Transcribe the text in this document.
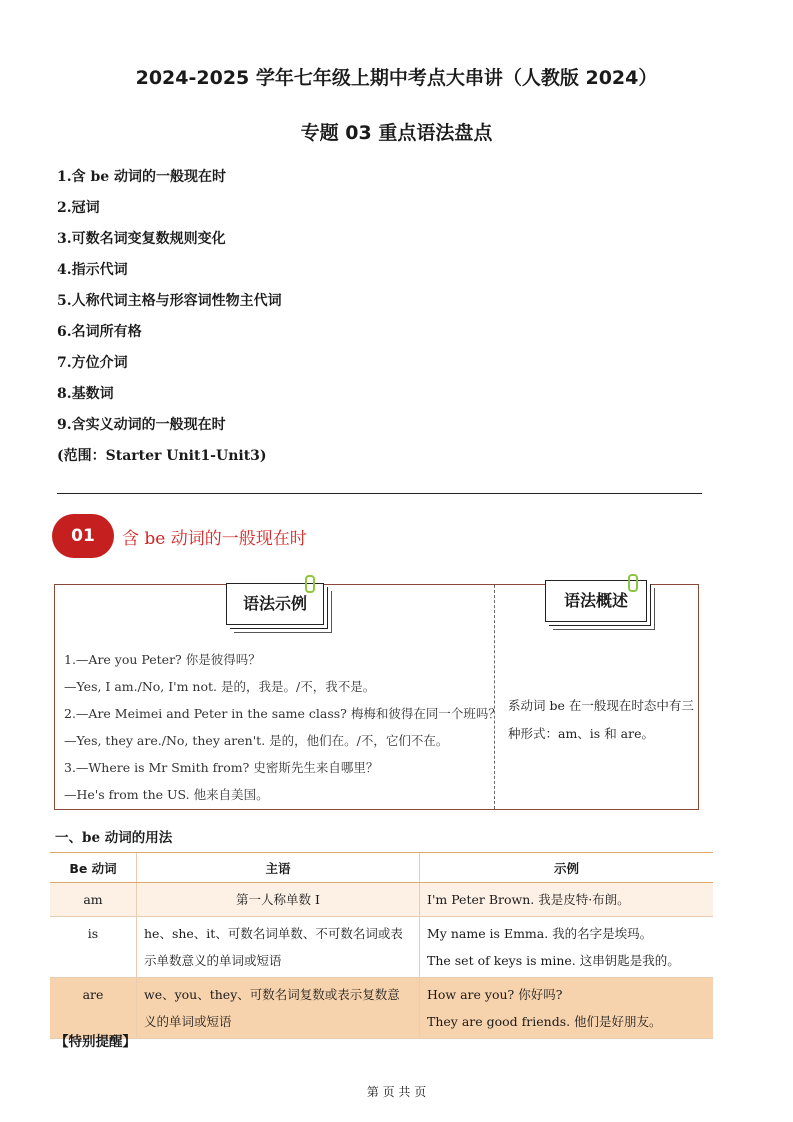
2024-2025 学年七年级上期中考点大串讲（人教版 2024）
专题 03 重点语法盘点
1.含 be 动词的一般现在时
2.冠词
3.可数名词变复数规则变化
4.指示代词
5.人称代词主格与形容词性物主代词
6.名词所有格
7.方位介词
8.基数词
9.含实义动词的一般现在时
(范围：Starter Unit1-Unit3)
01	含 be 动词的一般现在时
语法示例	语法概述
1.—Are you Peter? 你是彼得吗？
—Yes, I am./No, I'm not. 是的，我是。/不，我不是。
2.—Are Meimei and Peter in the same class? 梅梅和彼得在同一个班吗？
—Yes, they are./No, they aren't. 是的，他们在。/不，它们不在。
3.—Where is Mr Smith from? 史密斯先生来自哪里？
—He's from the US. 他来自美国。
系动词 be 在一般现在时态中有三种形式：am、is 和 are。
一、be 动词的用法
Be 动词	主语	示例
am	第一人称单数 I	I'm Peter Brown. 我是皮特·布朗。

is	he、she、it、可数名词单数、不可数名词或表示单数意义的单词或短语	My name is Emma. 我的名字是埃玛。
The set of keys is mine. 这串钥匙是我的。

are	we、you、they、可数名词复数或表示复数意义的单词或短语	How are you? 你好吗?
They are good friends. 他们是好朋友。
【特别提醒】
第 页 共 页
